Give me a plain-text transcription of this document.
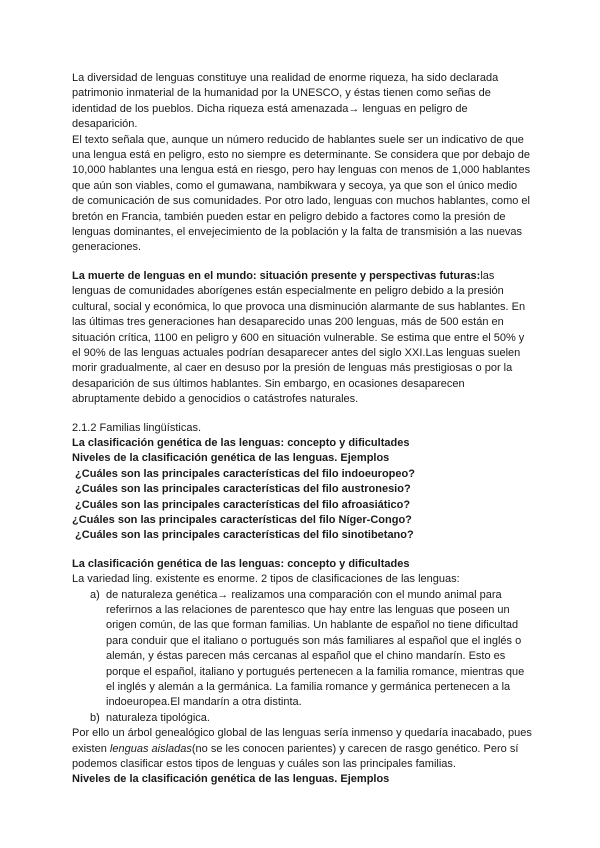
La diversidad de lenguas constituye una realidad de enorme riqueza, ha sido declarada patrimonio inmaterial de la humanidad por la UNESCO, y éstas tienen como señas de identidad de los pueblos. Dicha riqueza está amenazada→ lenguas en peligro de desaparición.

El texto señala que, aunque un número reducido de hablantes suele ser un indicativo de que una lengua está en peligro, esto no siempre es determinante. Se considera que por debajo de 10,000 hablantes una lengua está en riesgo, pero hay lenguas con menos de 1,000 hablantes que aún son viables, como el gumawana, nambikwara y secoya, ya que son el único medio de comunicación de sus comunidades. Por otro lado, lenguas con muchos hablantes, como el bretón en Francia, también pueden estar en peligro debido a factores como la presión de lenguas dominantes, el envejecimiento de la población y la falta de transmisión a las nuevas generaciones.

La muerte de lenguas en el mundo: situación presente y perspectivas futuras:las lenguas de comunidades aborígenes están especialmente en peligro debido a la presión cultural, social y económica, lo que provoca una disminución alarmante de sus hablantes. En las últimas tres generaciones han desaparecido unas 200 lenguas, más de 500 están en situación crítica, 1100 en peligro y 600 en situación vulnerable. Se estima que entre el 50% y el 90% de las lenguas actuales podrían desaparecer antes del siglo XXI.Las lenguas suelen morir gradualmente, al caer en desuso por la presión de lenguas más prestigiosas o por la desaparición de sus últimos hablantes. Sin embargo, en ocasiones desaparecen abruptamente debido a genocidios o catástrofes naturales.

2.1.2 Familias lingüísticas.

La clasificación genética de las lenguas: concepto y dificultades

Niveles de la clasificación genética de las lenguas. Ejemplos

¿Cuáles son las principales características del filo indoeuropeo?

¿Cuáles son las principales características del filo austronesio?

¿Cuáles son las principales características del filo afroasiático?

¿Cuáles son las principales características del filo Níger-Congo?

¿Cuáles son las principales características del filo sinotibetano?

La clasificación genética de las lenguas: concepto y dificultades

La variedad ling. existente es enorme. 2 tipos de clasificaciones de las lenguas:

a) de naturaleza genética→ realizamos una comparación con el mundo animal para referirnos a las relaciones de parentesco que hay entre las lenguas que poseen un origen común, de las que forman familias. Un hablante de español no tiene dificultad para conduir que el italiano o portugués son más familiares al español que el inglés o alemán, y éstas parecen más cercanas al español que el chino mandarín. Esto es porque el español, italiano y portugués pertenecen a la familia romance, mientras que el inglés y alemán a la germánica. La familia romance y germánica pertenecen a la indoeuropea.El mandarín a otra distinta.
b) naturaleza tipológica.

Por ello un árbol genealógico global de las lenguas sería inmenso y quedaría inacabado, pues existen lenguas aisladas(no se les conocen parientes) y carecen de rasgo genético. Pero sí podemos clasificar estos tipos de lenguas y cuáles son las principales familias.

Niveles de la clasificación genética de las lenguas. Ejemplos
